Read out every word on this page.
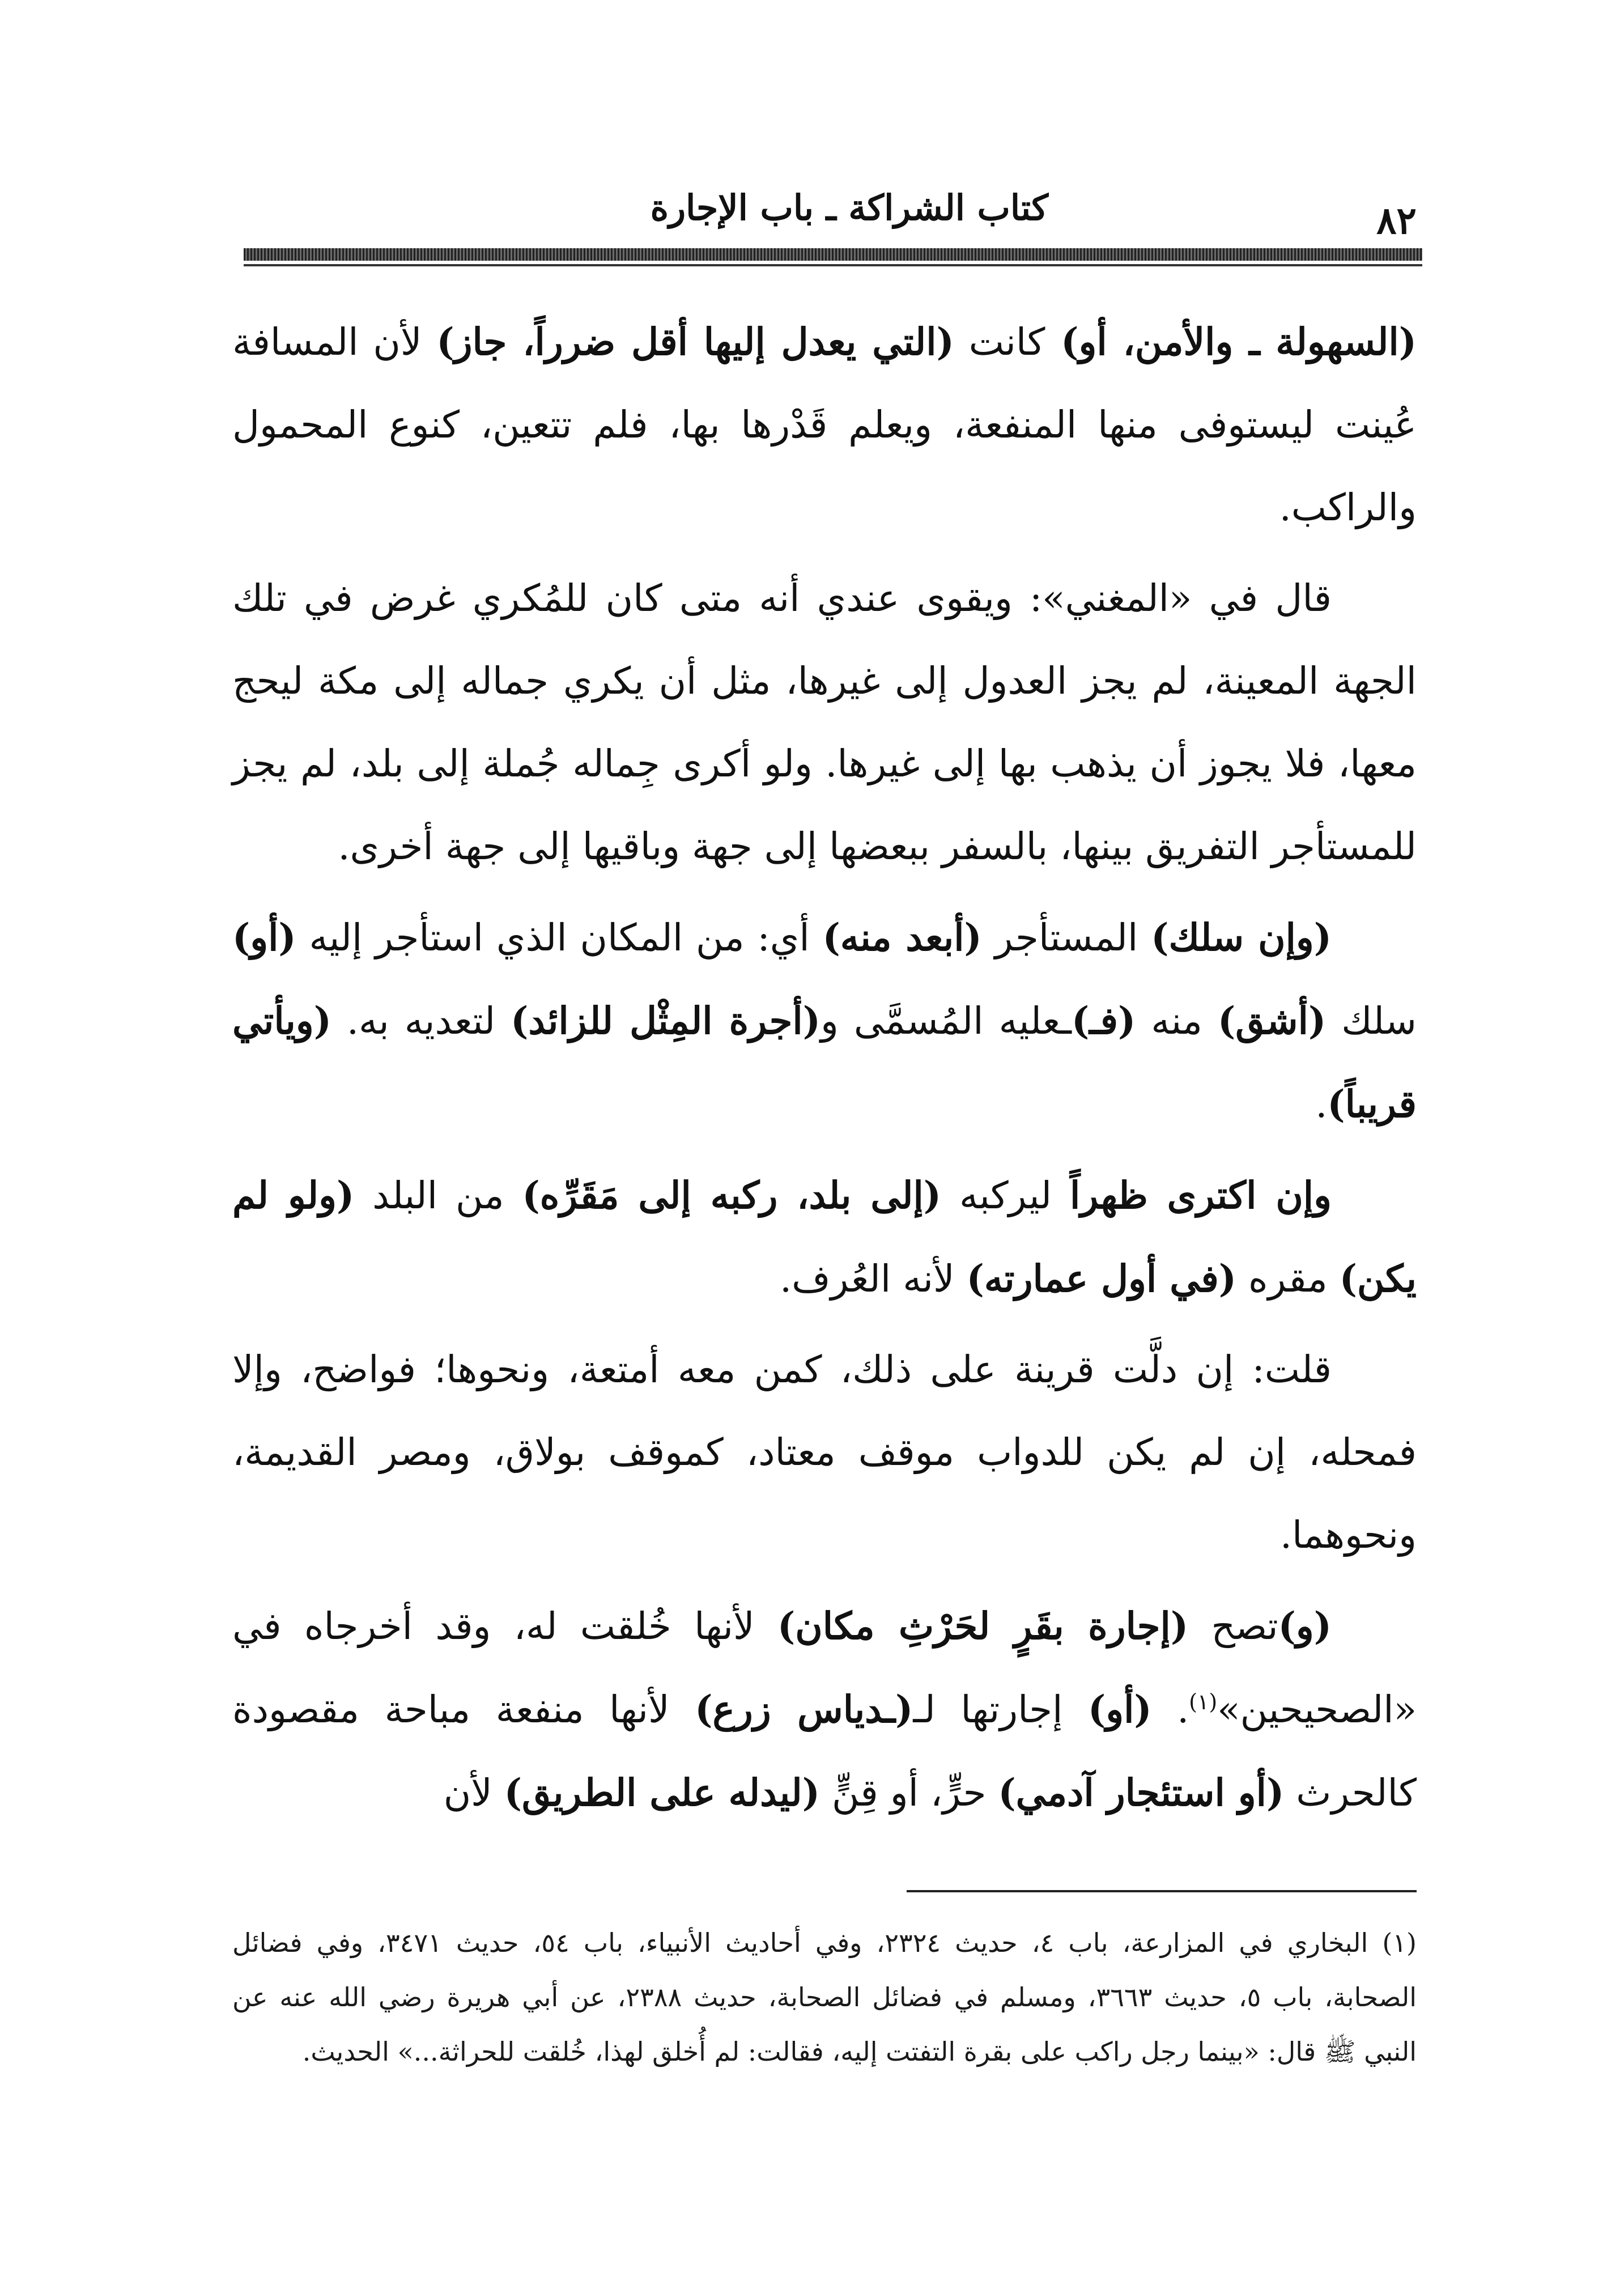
كتاب الشراكة ـ باب الإجارة	٨٢

(السهولة ـ والأمن، أو) كانت (التي يعدل إليها أقل ضرراً، جاز) لأن المسافة عُينت ليستوفى منها المنفعة، ويعلم قَدْرها بها، فلم تتعين، كنوع المحمول والراكب.

قال في «المغني»: ويقوى عندي أنه متى كان للمُكري غرض في تلك الجهة المعينة، لم يجز العدول إلى غيرها، مثل أن يكري جماله إلى مكة ليحج معها، فلا يجوز أن يذهب بها إلى غيرها. ولو أكرى جِماله جُملة إلى بلد، لم يجز للمستأجر التفريق بينها، بالسفر ببعضها إلى جهة وباقيها إلى جهة أخرى.

(وإن سلك) المستأجر (أبعد منه) أي: من المكان الذي استأجر إليه (أو) سلك (أشق) منه (فـ)ـعليه المُسمَّى و(أجرة المِثْل للزائد) لتعديه به. (ويأتي قريباً).

وإن اكترى ظهراً ليركبه (إلى بلد، ركبه إلى مَقَرِّه) من البلد (ولو لم يكن) مقره (في أول عمارته) لأنه العُرف.

قلت: إن دلَّت قرينة على ذلك، كمن معه أمتعة، ونحوها؛ فواضح، وإلا فمحله، إن لم يكن للدواب موقف معتاد، كموقف بولاق، ومصر القديمة، ونحوهما.

(و)تصح (إجارة بقَرٍ لحَرْثِ مكان) لأنها خُلقت له، وقد أخرجاه في «الصحيحين»$^{(١)}$. (أو) إجارتها لـ(ـدياس زرع) لأنها منفعة مباحة مقصودة كالحرث (أو استئجار آدمي) حرٍّ، أو قِنٍّ (ليدله على الطريق) لأن

(١) البخاري في المزارعة، باب ٤، حديث ٢٣٢٤، وفي أحاديث الأنبياء، باب ٥٤، حديث ٣٤٧١، وفي فضائل الصحابة، باب ٥، حديث ٣٦٦٣، ومسلم في فضائل الصحابة، حديث ٢٣٨٨، عن أبي هريرة رضي الله عنه عن النبي ﷺ قال: «بينما رجل راكب على بقرة التفتت إليه، فقالت: لم أُخلق لهذا، خُلقت للحراثة...» الحديث.
